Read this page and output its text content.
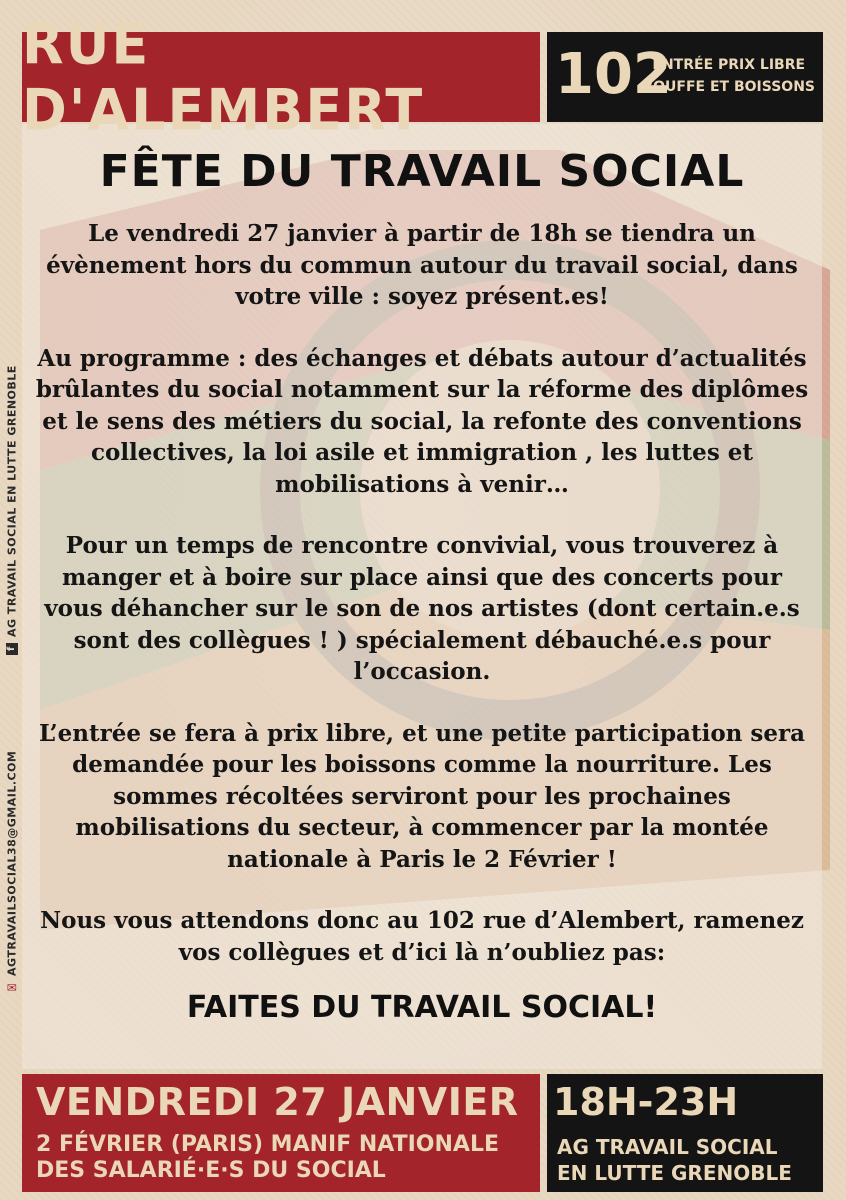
RUE D'ALEMBERT
102
ENTRÉE PRIX LIBRE
BOUFFE ET BOISSONS
f
AG TRAVAIL SOCIAL EN LUTTE GRENOBLE
✉
AGTRAVAILSOCIAL38@GMAIL.COM
FÊTE DU TRAVAIL SOCIAL

Le vendredi 27 janvier à partir de 18h se tiendra un évènement hors du commun autour du travail social, dans votre ville : soyez présent.es!

Au programme : des échanges et débats autour d’actualités brûlantes du social notamment sur la réforme des diplômes et le sens des métiers du social, la refonte des conventions collectives, la loi asile et immigration , les luttes et mobilisations à venir…

Pour un temps de rencontre convivial, vous trouverez à manger et à boire sur place ainsi que des concerts pour vous déhancher sur le son de nos artistes (dont certain.e.s sont des collègues ! ) spécialement débauché.e.s pour l’occasion.

L’entrée se fera à prix libre, et une petite participation sera demandée pour les boissons comme la nourriture. Les sommes récoltées serviront pour les prochaines mobilisations du secteur, à commencer par la montée nationale à Paris le 2 Février !

Nous vous attendons donc au 102 rue d’Alembert, ramenez vos collègues et d’ici là n’oubliez pas:

FAITES DU TRAVAIL SOCIAL!
VENDREDI 27 JANVIER
2 FÉVRIER (PARIS) MANIF NATIONALE
DES SALARIÉ·E·S DU SOCIAL
18H-23H
AG TRAVAIL SOCIAL
EN LUTTE GRENOBLE
